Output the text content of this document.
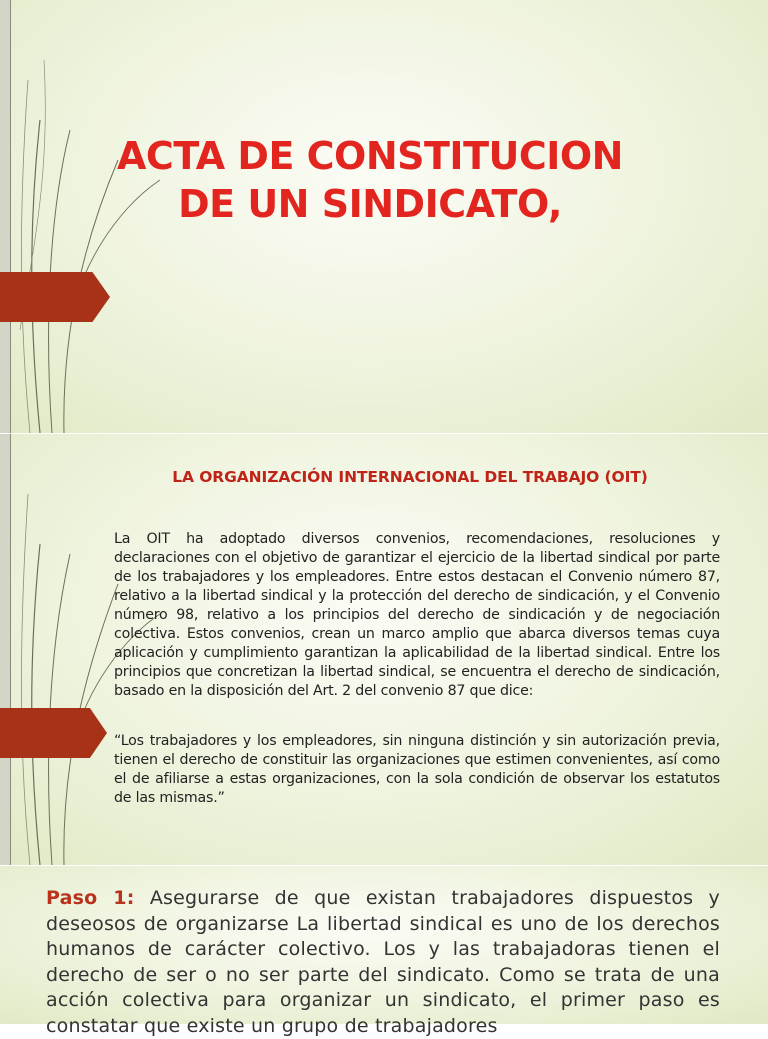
ACTA DE CONSTITUCION
DE UN SINDICATO,
LA ORGANIZACIÓN INTERNACIONAL DEL TRABAJO (OIT)

La OIT ha adoptado diversos convenios, recomendaciones, resoluciones y declaraciones con el objetivo de garantizar el ejercicio de la libertad sindical por parte de los trabajadores y los empleadores. Entre estos destacan el Convenio número 87, relativo a la libertad sindical y la protección del derecho de sindicación, y el Convenio número 98, relativo a los principios del derecho de sindicación y de negociación colectiva. Estos convenios, crean un marco amplio que abarca diversos temas cuya aplicación y cumplimiento garantizan la aplicabilidad de la libertad sindical. Entre los principios que concretizan la libertad sindical, se encuentra el derecho de sindicación, basado en la disposición del Art. 2 del convenio 87 que dice:

“Los trabajadores y los empleadores, sin ninguna distinción y sin autorización previa, tienen el derecho de constituir las organizaciones que estimen convenientes, así como el de afiliarse a estas organizaciones, con la sola condición de observar los estatutos de las mismas.”

Paso 1: Asegurarse de que existan trabajadores dispuestos y deseosos de organizarse La libertad sindical es uno de los derechos humanos de carácter colectivo. Los y las trabajadoras tienen el derecho de ser o no ser parte del sindicato. Como se trata de una acción colectiva para organizar un sindicato, el primer paso es constatar que existe un grupo de trabajadores
